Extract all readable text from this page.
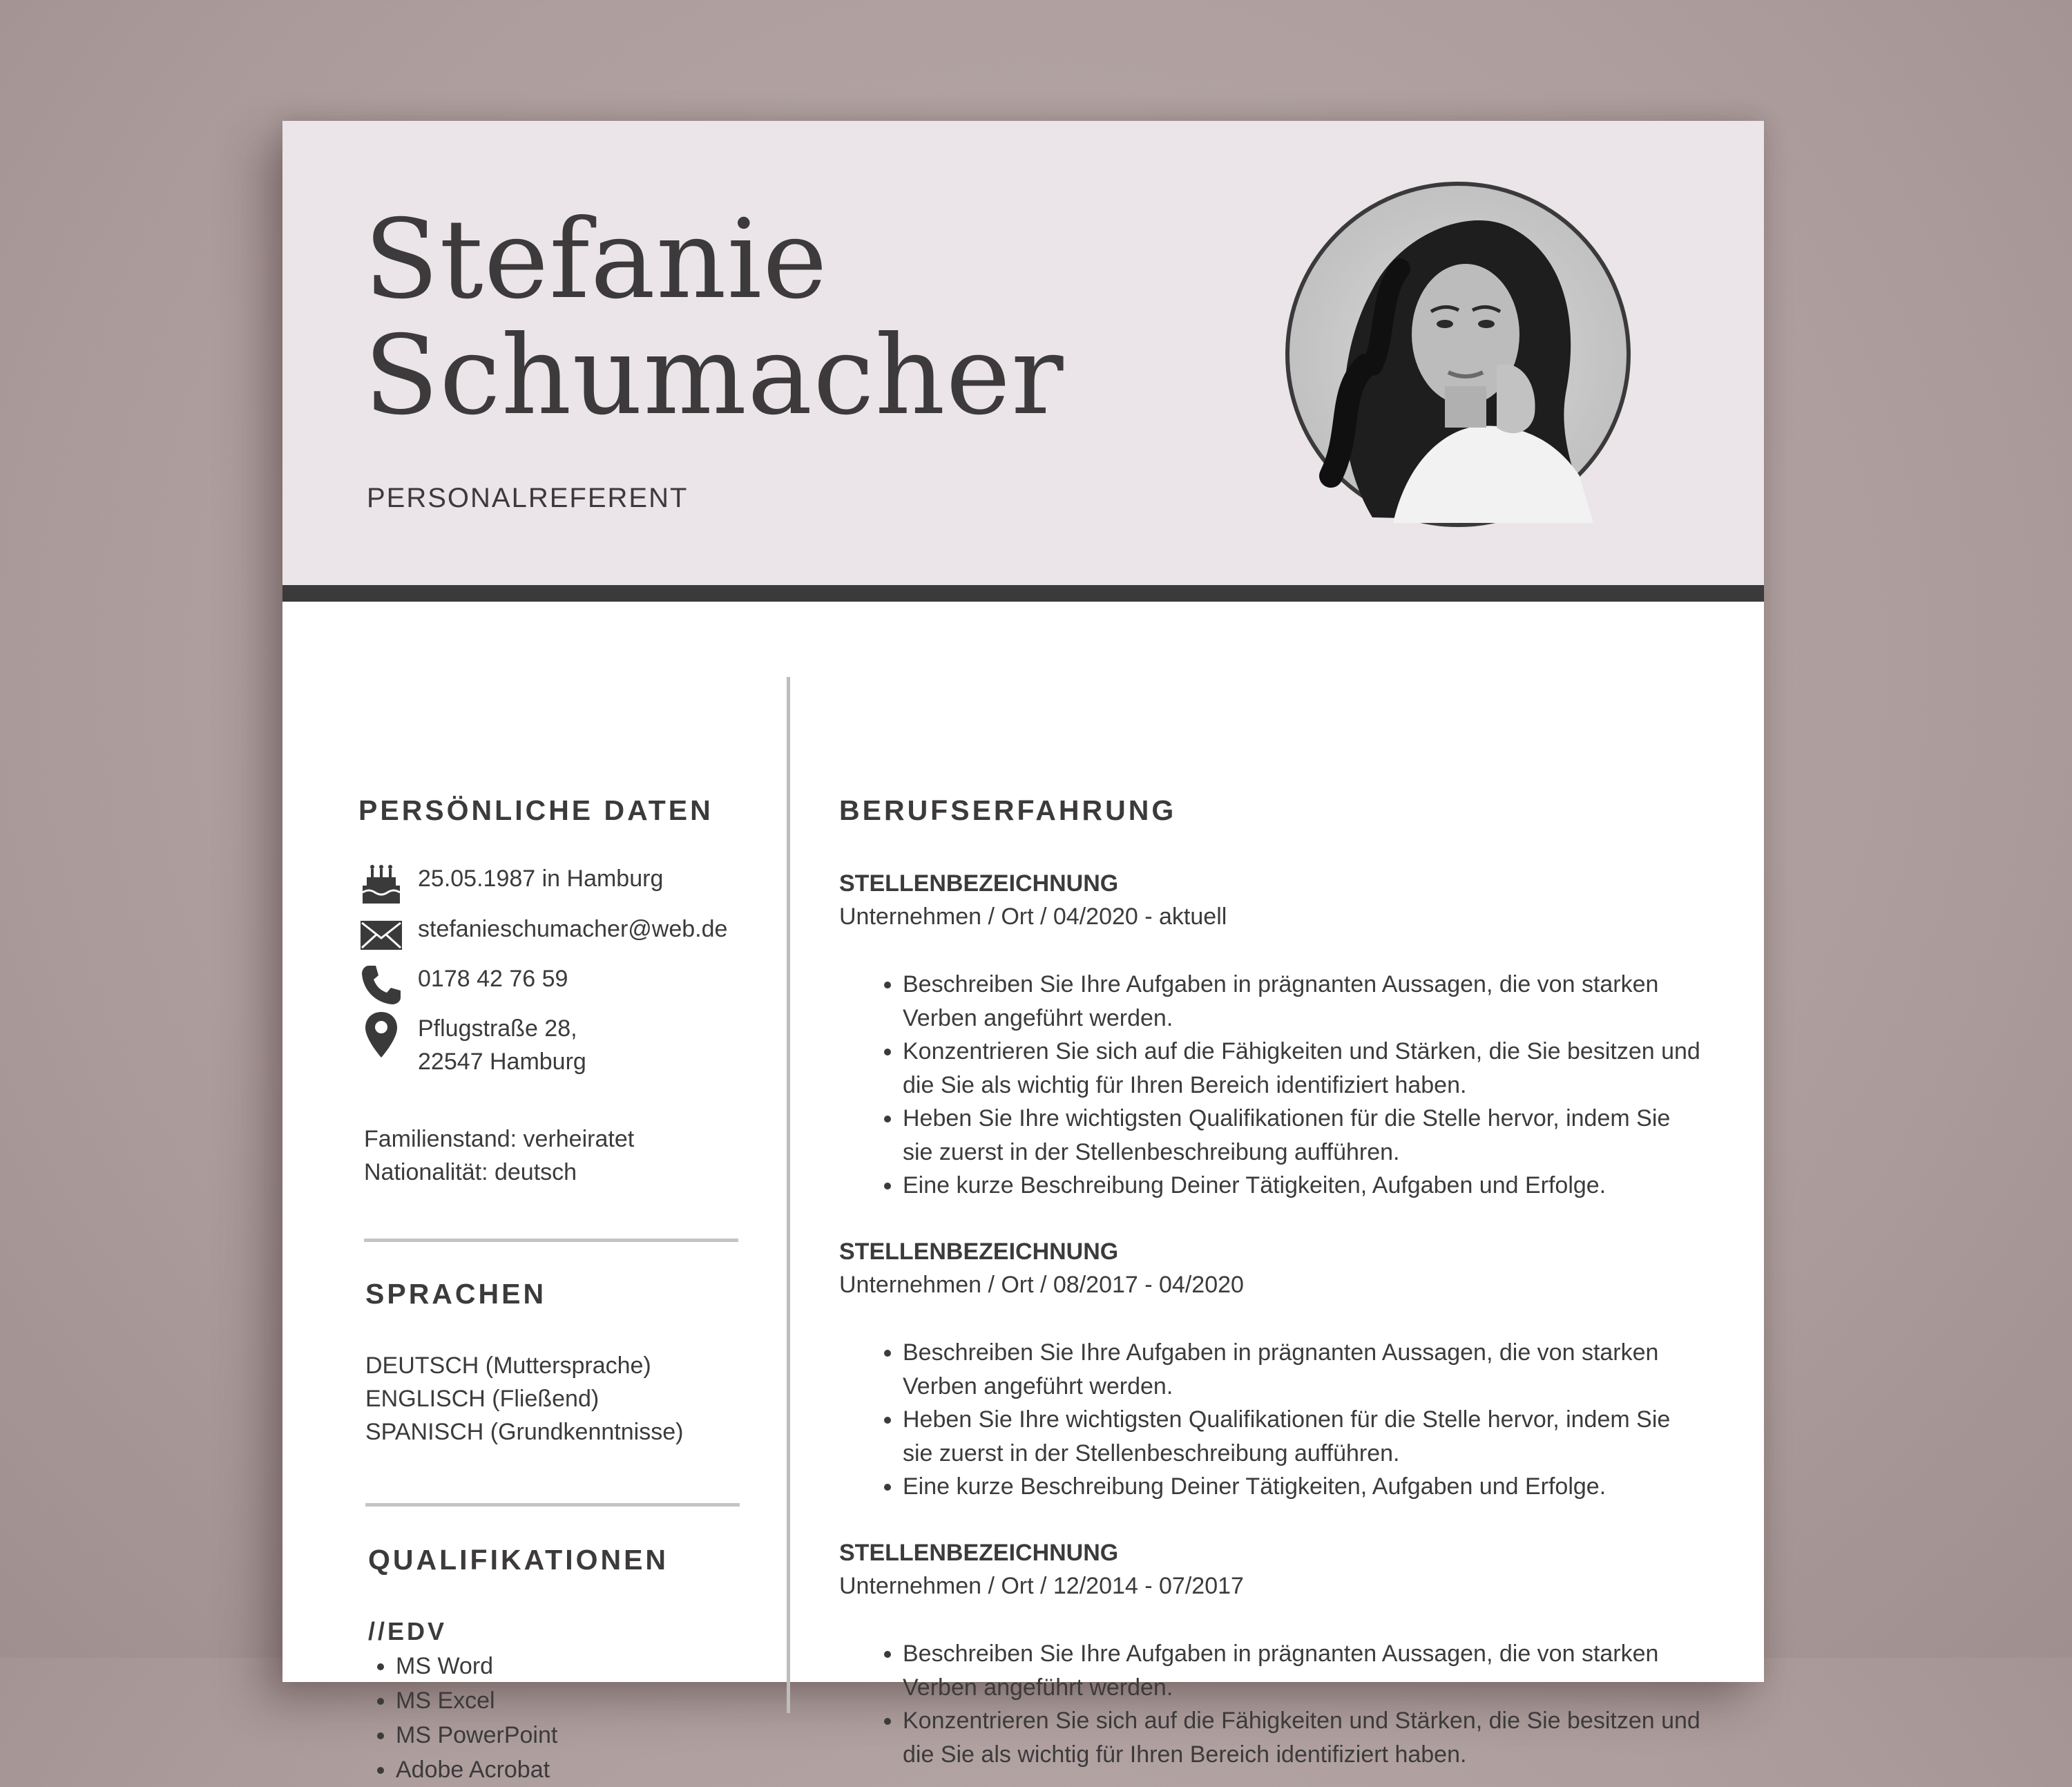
Stefanie
Schumacher
PERSONALREFERENT
PERSÖNLICHE DATEN
25.05.1987 in Hamburg
stefanieschumacher@web.de
0178 42 76 59
Pflugstraße 28,
22547 Hamburg
Familienstand: verheiratet
Nationalität: deutsch
SPRACHEN
DEUTSCH (Muttersprache)
ENGLISCH (Fließend)
SPANISCH (Grundkenntnisse)
QUALIFIKATIONEN
//EDV
• MS Word
• MS Excel
• MS PowerPoint
• Adobe Acrobat
BERUFSERFAHRUNG
STELLENBEZEICHNUNG
Unternehmen / Ort / 04/2020 - aktuell
• Beschreiben Sie Ihre Aufgaben in prägnanten Aussagen, die von starken Verben angeführt werden.
• Konzentrieren Sie sich auf die Fähigkeiten und Stärken, die Sie besitzen und die Sie als wichtig für Ihren Bereich identifiziert haben.
• Heben Sie Ihre wichtigsten Qualifikationen für die Stelle hervor, indem Sie sie zuerst in der Stellenbeschreibung aufführen.
• Eine kurze Beschreibung Deiner Tätigkeiten, Aufgaben und Erfolge.
STELLENBEZEICHNUNG
Unternehmen / Ort / 08/2017 - 04/2020
• Beschreiben Sie Ihre Aufgaben in prägnanten Aussagen, die von starken Verben angeführt werden.
• Heben Sie Ihre wichtigsten Qualifikationen für die Stelle hervor, indem Sie sie zuerst in der Stellenbeschreibung aufführen.
• Eine kurze Beschreibung Deiner Tätigkeiten, Aufgaben und Erfolge.
STELLENBEZEICHNUNG
Unternehmen / Ort / 12/2014 - 07/2017
• Beschreiben Sie Ihre Aufgaben in prägnanten Aussagen, die von starken Verben angeführt werden.
• Konzentrieren Sie sich auf die Fähigkeiten und Stärken, die Sie besitzen und die Sie als wichtig für Ihren Bereich identifiziert haben.
